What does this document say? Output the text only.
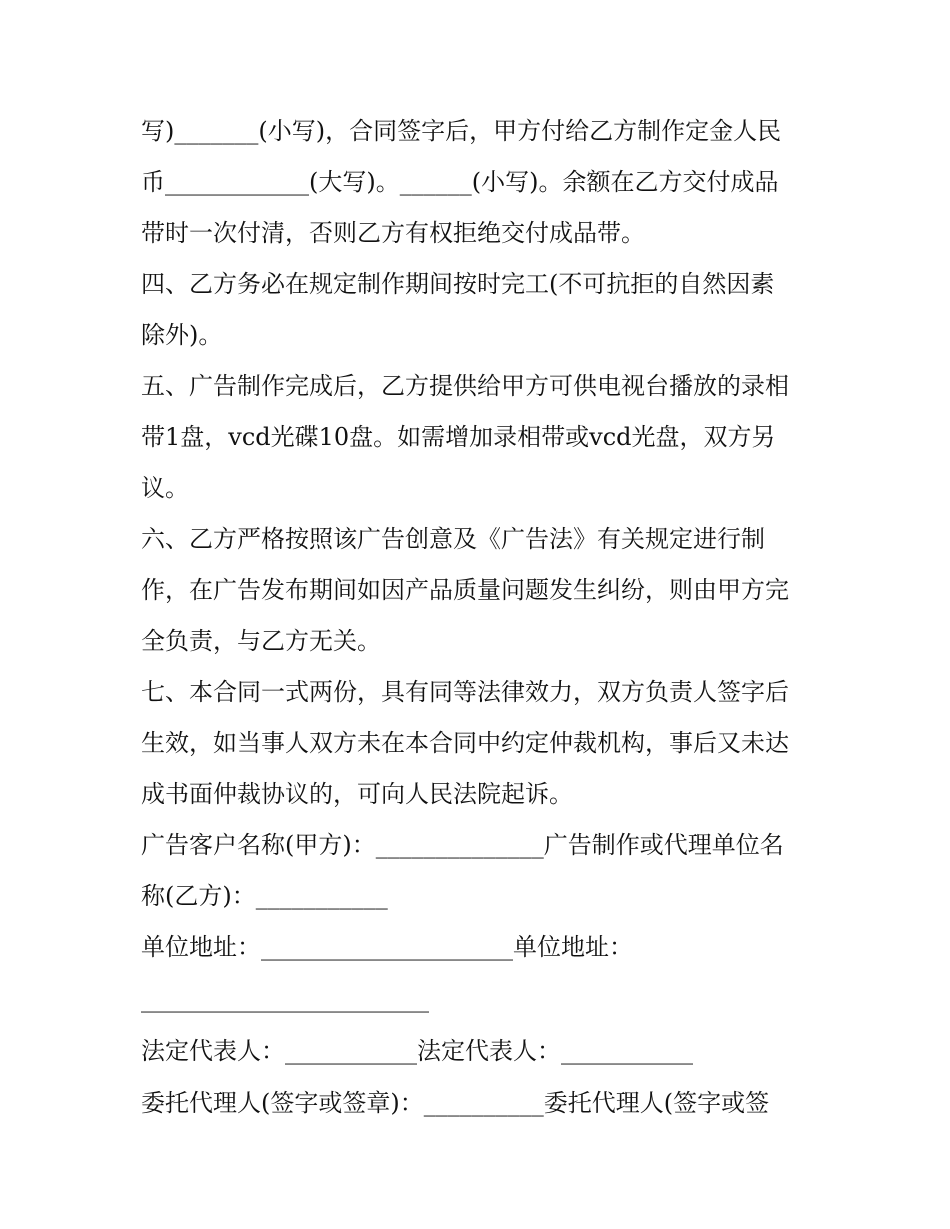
写)_______(小写)，合同签字后，甲方付给乙方制作定金人民
币____________(大写)。______(小写)。余额在乙方交付成品
带时一次付清，否则乙方有权拒绝交付成品带。
四、乙方务必在规定制作期间按时完工(不可抗拒的自然因素
除外)。
五、广告制作完成后，乙方提供给甲方可供电视台播放的录相
带1盘，vcd光碟10盘。如需增加录相带或vcd光盘，双方另
议。
六、乙方严格按照该广告创意及《广告法》有关规定进行制
作，在广告发布期间如因产品质量问题发生纠纷，则由甲方完
全负责，与乙方无关。
七、本合同一式两份，具有同等法律效力，双方负责人签字后
生效，如当事人双方未在本合同中约定仲裁机构，事后又未达
成书面仲裁协议的，可向人民法院起诉。
广告客户名称(甲方)：______________广告制作或代理单位名
称(乙方)：___________
单位地址：_____________________单位地址：
________________________
法定代表人：___________法定代表人：___________
委托代理人(签字或签章)：__________委托代理人(签字或签
